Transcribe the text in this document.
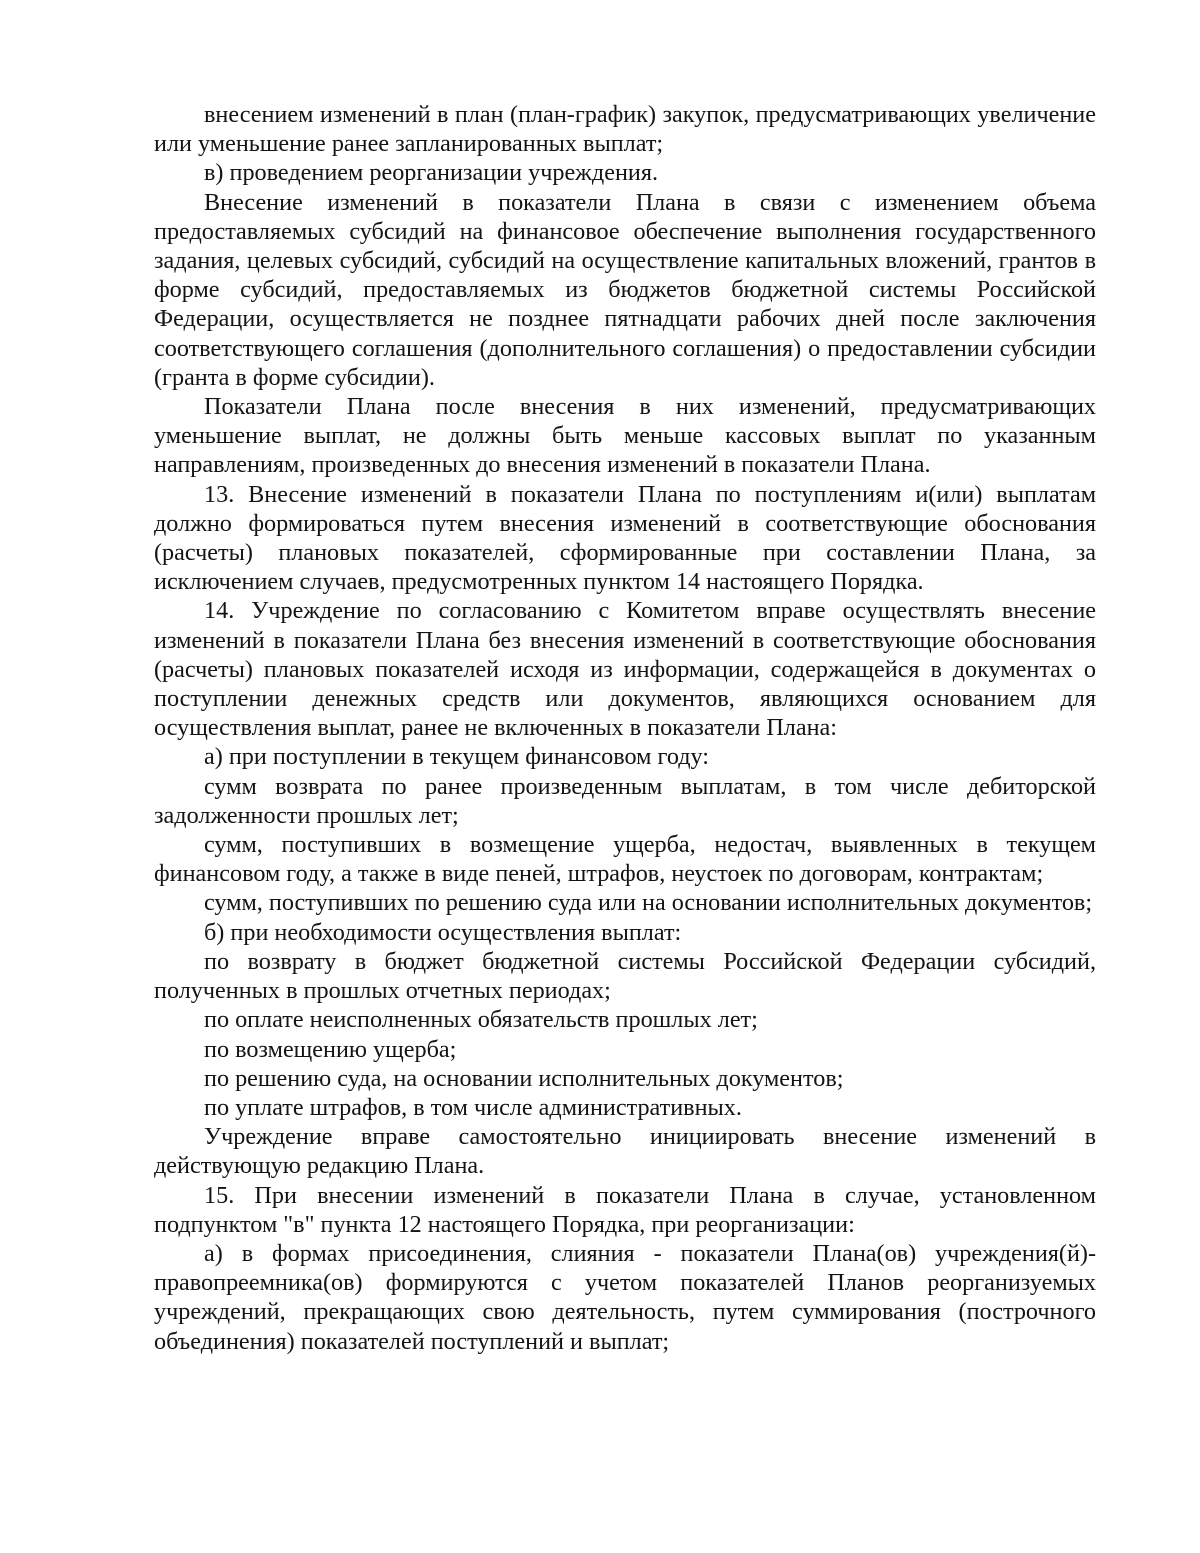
внесением изменений в план (план-график) закупок, предусматривающих увеличение или уменьшение ранее запланированных выплат;

в) проведением реорганизации учреждения.

Внесение изменений в показатели Плана в связи с изменением объема предоставляемых субсидий на финансовое обеспечение выполнения государственного задания, целевых субсидий, субсидий на осуществление капитальных вложений, грантов в форме субсидий, предоставляемых из бюджетов бюджетной системы Российской Федерации, осуществляется не позднее пятнадцати рабочих дней после заключения соответствующего соглашения (дополнительного соглашения) о предоставлении субсидии (гранта в форме субсидии).

Показатели Плана после внесения в них изменений, предусматривающих уменьшение выплат, не должны быть меньше кассовых выплат по указанным направлениям, произведенных до внесения изменений в показатели Плана.

13. Внесение изменений в показатели Плана по поступлениям и(или) выплатам должно формироваться путем внесения изменений в соответствующие обоснования (расчеты) плановых показателей, сформированные при составлении Плана, за исключением случаев, предусмотренных пунктом 14 настоящего Порядка.

14. Учреждение по согласованию с Комитетом вправе осуществлять внесение изменений в показатели Плана без внесения изменений в соответствующие обоснования (расчеты) плановых показателей исходя из информации, содержащейся в документах о поступлении денежных средств или документов, являющихся основанием для осуществления выплат, ранее не включенных в показатели Плана:

а) при поступлении в текущем финансовом году:

сумм возврата по ранее произведенным выплатам, в том числе дебиторской задолженности прошлых лет;

сумм, поступивших в возмещение ущерба, недостач, выявленных в текущем финансовом году, а также в виде пеней, штрафов, неустоек по договорам, контрактам;

сумм, поступивших по решению суда или на основании исполнительных документов;

б) при необходимости осуществления выплат:

по возврату в бюджет бюджетной системы Российской Федерации субсидий, полученных в прошлых отчетных периодах;

по оплате неисполненных обязательств прошлых лет;

по возмещению ущерба;

по решению суда, на основании исполнительных документов;

по уплате штрафов, в том числе административных.

Учреждение вправе самостоятельно инициировать внесение изменений в действующую редакцию Плана.

15. При внесении изменений в показатели Плана в случае, установленном подпунктом "в" пункта 12 настоящего Порядка, при реорганизации:

а) в формах присоединения, слияния - показатели Плана(ов) учреждения(й)-правопреемника(ов) формируются с учетом показателей Планов реорганизуемых учреждений, прекращающих свою деятельность, путем суммирования (построчного объединения) показателей поступлений и выплат;
